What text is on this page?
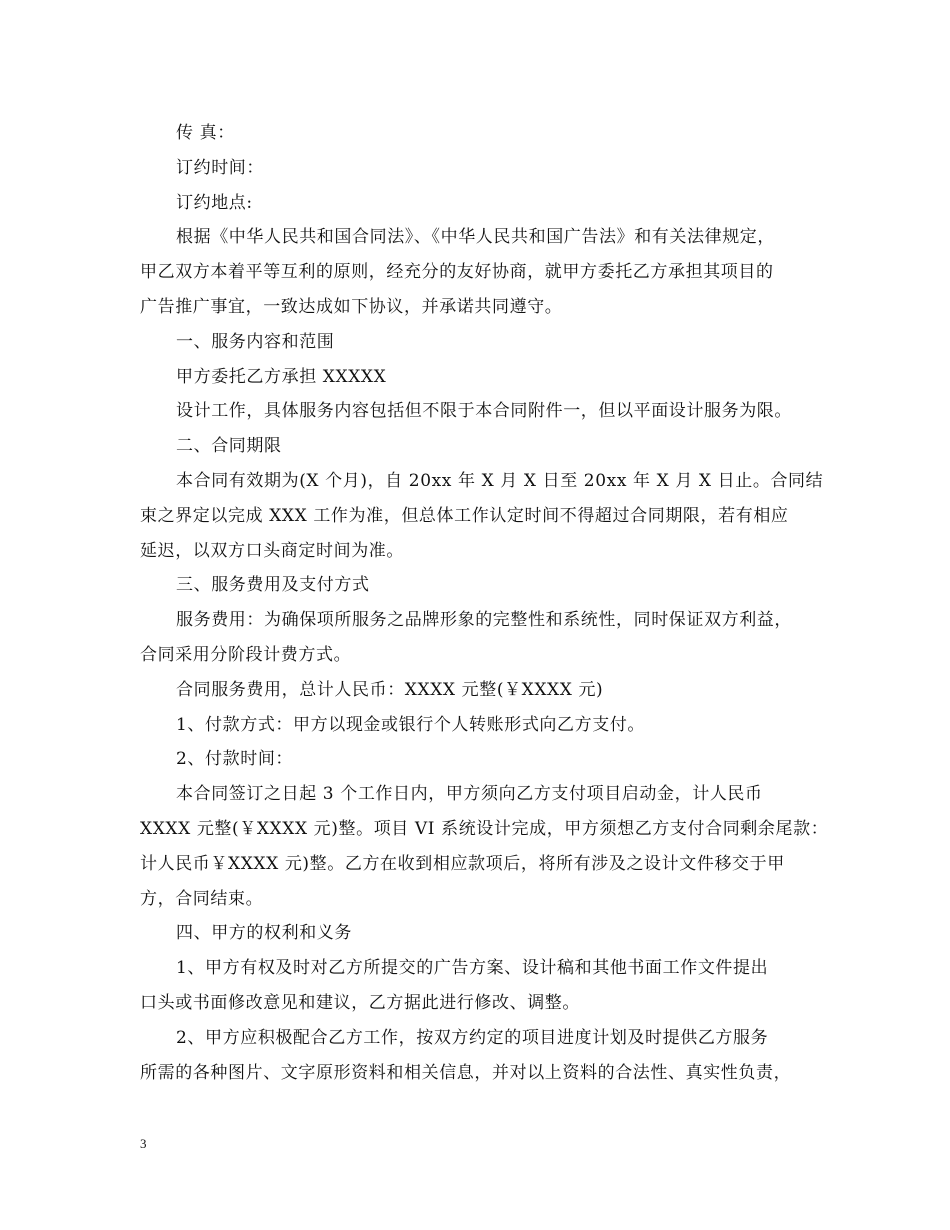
传 真：
订约时间：
订约地点:
根据《中华人民共和国合同法》、《中华人民共和国广告法》和有关法律规定，
甲乙双方本着平等互利的原则，经充分的友好协商，就甲方委托乙方承担其项目的
广告推广事宜，一致达成如下协议，并承诺共同遵守。
一、服务内容和范围
甲方委托乙方承担 XXXXX
设计工作，具体服务内容包括但不限于本合同附件一，但以平面设计服务为限。
二、合同期限
本合同有效期为(X 个月)，自 20xx 年 X 月 X 日至 20xx 年 X 月 X 日止。合同结
束之界定以完成 XXX 工作为准，但总体工作认定时间不得超过合同期限，若有相应
延迟，以双方口头商定时间为准。
三、服务费用及支付方式
服务费用：为确保项所服务之品牌形象的完整性和系统性，同时保证双方利益，
合同采用分阶段计费方式。
合同服务费用，总计人民币：XXXX 元整(￥XXXX 元)
1、付款方式：甲方以现金或银行个人转账形式向乙方支付。
2、付款时间：
本合同签订之日起 3 个工作日内，甲方须向乙方支付项目启动金，计人民币
XXXX 元整(￥XXXX 元)整。项目 VI 系统设计完成，甲方须想乙方支付合同剩余尾款：
计人民币￥XXXX 元)整。乙方在收到相应款项后，将所有涉及之设计文件移交于甲
方，合同结束。
四、甲方的权利和义务
1、甲方有权及时对乙方所提交的广告方案、设计稿和其他书面工作文件提出
口头或书面修改意见和建议，乙方据此进行修改、调整。
2、甲方应积极配合乙方工作，按双方约定的项目进度计划及时提供乙方服务
所需的各种图片、文字原形资料和相关信息，并对以上资料的合法性、真实性负责，
3
